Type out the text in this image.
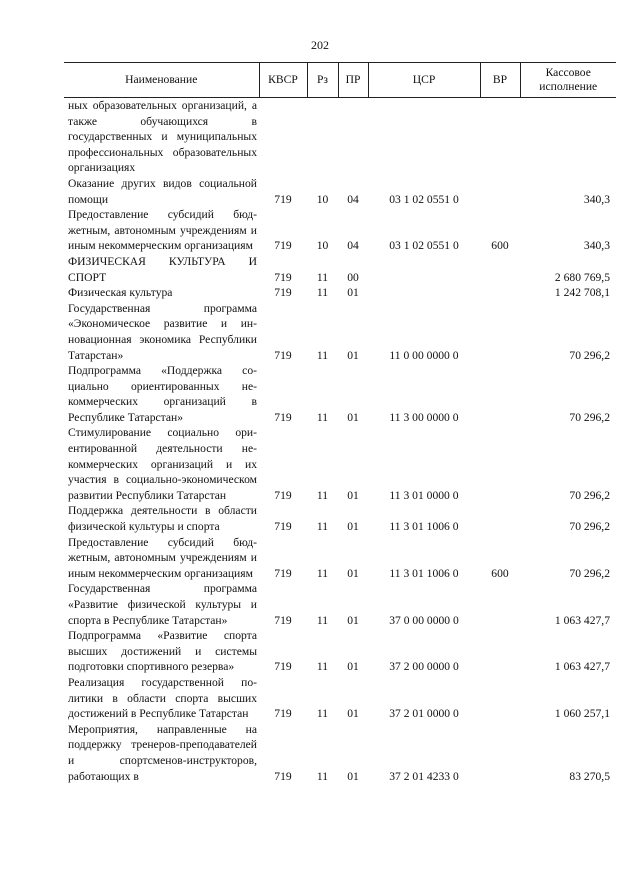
202
Наименование	КВСР	Рз	ПР	ЦСР	ВР	Кассовое
исполнение
ных образовательных организаций, а также обучающихся в государственных и муниципальных профессиональных образовательных организациях						
Оказание других видов социальной помощи	719	10	04	03 1 02 0551 0		340,3
Предоставление субсидий бюджетным, автономным учреждениям и иным некоммерческим организациям	719	10	04	03 1 02 0551 0	600	340,3
ФИЗИЧЕСКАЯ КУЛЬТУРА И СПОРТ	719	11	00			2 680 769,5
Физическая культура	719	11	01			1 242 708,1
Государственная программа «Экономическое развитие и инновационная экономика Республики Татарстан»	719	11	01	11 0 00 0000 0		70 296,2
Подпрограмма «Поддержка социально ориентированных некоммерческих организаций в Республике Татарстан»	719	11	01	11 3 00 0000 0		70 296,2
Стимулирование социально ориентированной деятельности некоммерческих организаций и их участия в социально-экономическом развитии Республики Татарстан	719	11	01	11 3 01 0000 0		70 296,2
Поддержка деятельности в области физической культуры и спорта	719	11	01	11 3 01 1006 0		70 296,2
Предоставление субсидий бюджетным, автономным учреждениям и иным некоммерческим организациям	719	11	01	11 3 01 1006 0	600	70 296,2
Государственная программа «Развитие физической культуры и спорта в Республике Татарстан»	719	11	01	37 0 00 0000 0		1 063 427,7
Подпрограмма «Развитие спорта высших достижений и системы подготовки спортивного резерва»	719	11	01	37 2 00 0000 0		1 063 427,7
Реализация государственной политики в области спорта высших достижений в Республике Татарстан	719	11	01	37 2 01 0000 0		1 060 257,1
Мероприятия, направленные на поддержку тренеров-преподавателей и спортсменов-инструкторов, работающих в	719	11	01	37 2 01 4233 0		83 270,5
